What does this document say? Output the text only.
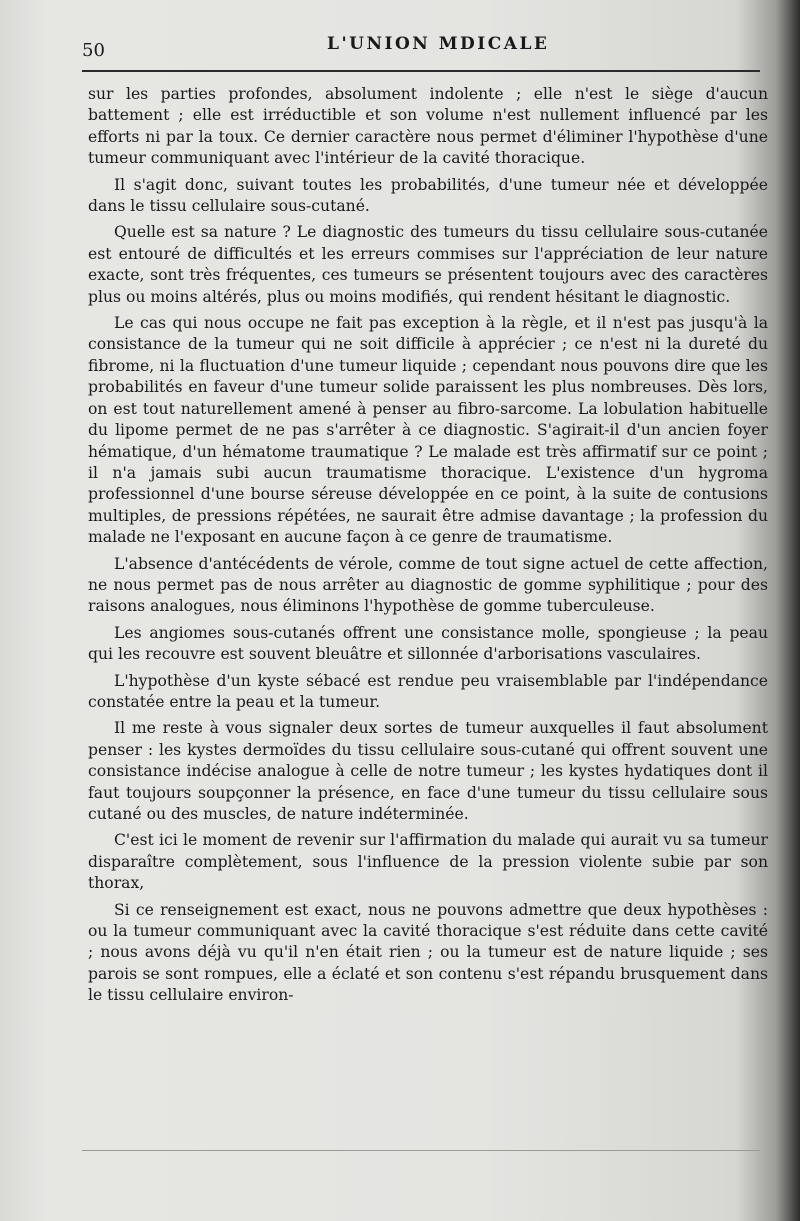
50	L'UNION MDICALE

sur les parties profondes, absolument indolente ; elle n'est le siège d'aucun battement ; elle est irréductible et son volume n'est nullement influencé par les efforts ni par la toux. Ce dernier caractère nous permet d'éliminer l'hypothèse d'une tumeur communiquant avec l'intérieur de la cavité thoracique.

Il s'agit donc, suivant toutes les probabilités, d'une tumeur née et développée dans le tissu cellulaire sous-cutané.

Quelle est sa nature ? Le diagnostic des tumeurs du tissu cellulaire sous-cutanée est entouré de difficultés et les erreurs commises sur l'appréciation de leur nature exacte, sont très fréquentes, ces tumeurs se présentent toujours avec des caractères plus ou moins altérés, plus ou moins modifiés, qui rendent hésitant le diagnostic.

Le cas qui nous occupe ne fait pas exception à la règle, et il n'est pas jusqu'à la consistance de la tumeur qui ne soit difficile à apprécier ; ce n'est ni la dureté du fibrome, ni la fluctuation d'une tumeur liquide ; cependant nous pouvons dire que les probabilités en faveur d'une tumeur solide paraissent les plus nombreuses. Dès lors, on est tout naturellement amené à penser au fibro-sarcome. La lobulation habituelle du lipome permet de ne pas s'arrêter à ce diagnostic. S'agirait-il d'un ancien foyer hématique, d'un hématome traumatique ? Le malade est très affirmatif sur ce point ; il n'a jamais subi aucun traumatisme thoracique. L'existence d'un hygroma professionnel d'une bourse séreuse développée en ce point, à la suite de contusions multiples, de pressions répétées, ne saurait être admise davantage ; la profession du malade ne l'exposant en aucune façon à ce genre de traumatisme.

L'absence d'antécédents de vérole, comme de tout signe actuel de cette affection, ne nous permet pas de nous arrêter au diagnostic de gomme syphilitique ; pour des raisons analogues, nous éliminons l'hypothèse de gomme tuberculeuse.

Les angiomes sous-cutanés offrent une consistance molle, spongieuse ; la peau qui les recouvre est souvent bleuâtre et sillonnée d'arborisations vasculaires.

L'hypothèse d'un kyste sébacé est rendue peu vraisemblable par l'indépendance constatée entre la peau et la tumeur.

Il me reste à vous signaler deux sortes de tumeur auxquelles il faut absolument penser : les kystes dermoïdes du tissu cellulaire sous-cutané qui offrent souvent une consistance indécise analogue à celle de notre tumeur ; les kystes hydatiques dont il faut toujours soupçonner la présence, en face d'une tumeur du tissu cellulaire sous cutané ou des muscles, de nature indéterminée.

C'est ici le moment de revenir sur l'affirmation du malade qui aurait vu sa tumeur disparaître complètement, sous l'influence de la pression violente subie par son thorax,

Si ce renseignement est exact, nous ne pouvons admettre que deux hypothèses : ou la tumeur communiquant avec la cavité thoracique s'est réduite dans cette cavité ; nous avons déjà vu qu'il n'en était rien ; ou la tumeur est de nature liquide ; ses parois se sont rompues, elle a éclaté et son contenu s'est répandu brusquement dans le tissu cellulaire environ-
